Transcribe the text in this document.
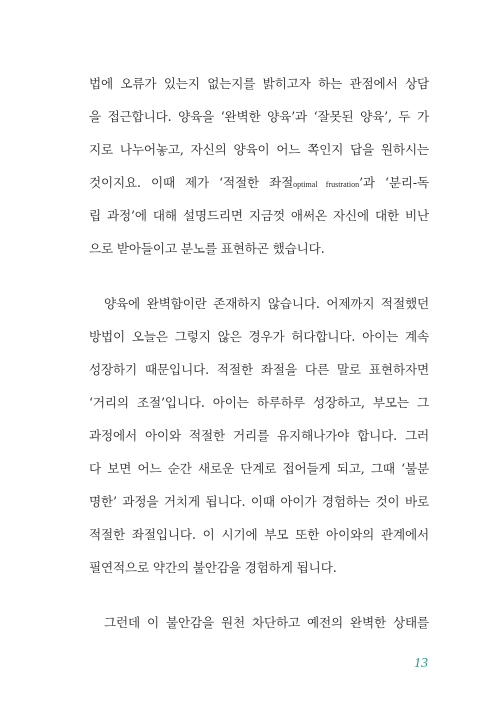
법에 오류가 있는지 없는지를 밝히고자 하는 관점에서 상담
을 접근합니다. 양육을 ‘완벽한 양육’과 ‘잘못된 양육’, 두 가
지로 나누어놓고, 자신의 양육이 어느 쪽인지 답을 원하시는
것이지요. 이때 제가 ‘적절한 좌절optimal frustration’과 ‘분리-독
립 과정’에 대해 설명드리면 지금껏 애써온 자신에 대한 비난
으로 받아들이고 분노를 표현하곤 했습니다.
양육에 완벽함이란 존재하지 않습니다. 어제까지 적절했던
방법이 오늘은 그렇지 않은 경우가 허다합니다. 아이는 계속
성장하기 때문입니다. 적절한 좌절을 다른 말로 표현하자면
‘거리의 조절’입니다. 아이는 하루하루 성장하고, 부모는 그
과정에서 아이와 적절한 거리를 유지해나가야 합니다. 그러
다 보면 어느 순간 새로운 단계로 접어들게 되고, 그때 ‘불분
명한’ 과정을 거치게 됩니다. 이때 아이가 경험하는 것이 바로
적절한 좌절입니다. 이 시기에 부모 또한 아이와의 관계에서
필연적으로 약간의 불안감을 경험하게 됩니다.
그런데 이 불안감을 원천 차단하고 예전의 완벽한 상태를
13
